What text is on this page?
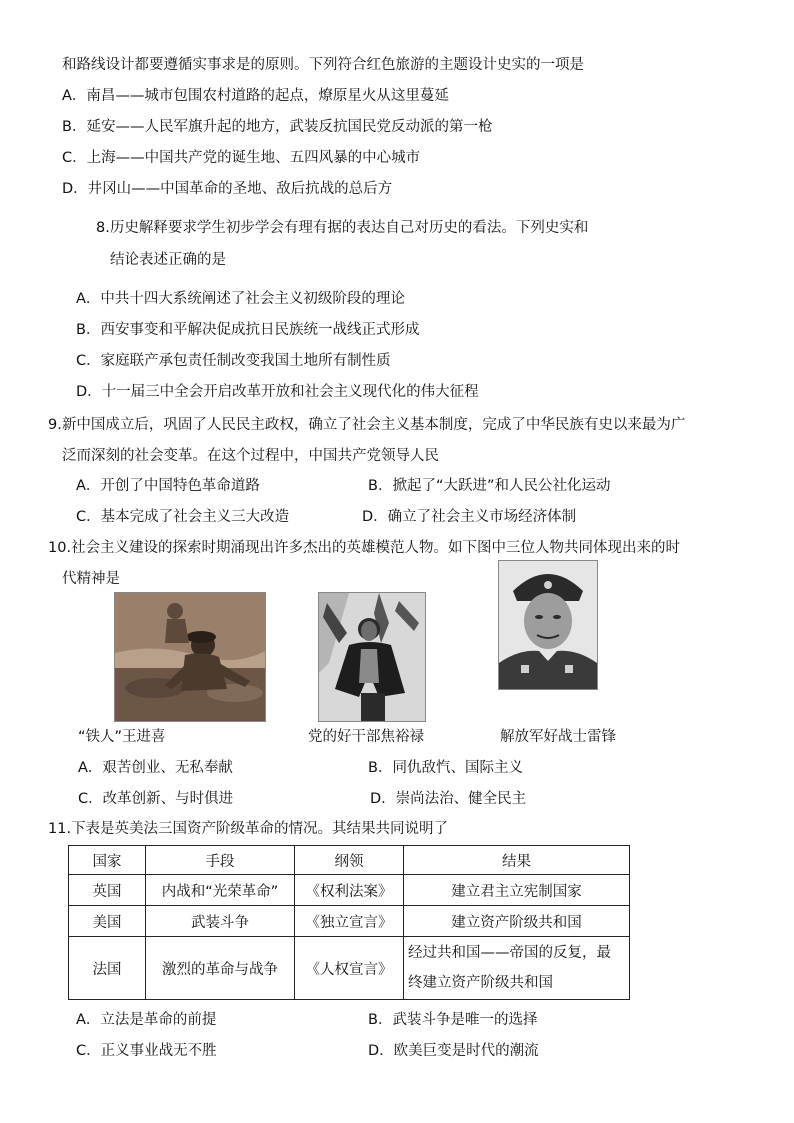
和路线设计都要遵循实事求是的原则。下列符合红色旅游的主题设计史实的一项是
A．南昌——城市包围农村道路的起点，燎原星火从这里蔓延
B．延安——人民军旗升起的地方，武装反抗国民党反动派的第一枪
C．上海——中国共产党的诞生地、五四风暴的中心城市
D．井冈山——中国革命的圣地、敌后抗战的总后方
8.历史解释要求学生初步学会有理有据的表达自己对历史的看法。下列史实和
结论表述正确的是
A．中共十四大系统阐述了社会主义初级阶段的理论
B．西安事变和平解决促成抗日民族统一战线正式形成
C．家庭联产承包责任制改变我国土地所有制性质
D．十一届三中全会开启改革开放和社会主义现代化的伟大征程
9.新中国成立后，巩固了人民民主政权，确立了社会主义基本制度，完成了中华民族有史以来最为广
泛而深刻的社会变革。在这个过程中，中国共产党领导人民
A．开创了中国特色革命道路	B．掀起了“大跃进”和人民公社化运动
C．基本完成了社会主义三大改造	D．确立了社会主义市场经济体制
10.社会主义建设的探索时期涌现出许多杰出的英雄模范人物。如下图中三位人物共同体现出来的时
代精神是
“铁人”王进喜	党的好干部焦裕禄	解放军好战士雷锋
A．艰苦创业、无私奉献	B．同仇敌忾、国际主义
C．改革创新、与时俱进	D．崇尚法治、健全民主
11.下表是英美法三国资产阶级革命的情况。其结果共同说明了
国家	手段	纲领	结果
英国	内战和“光荣革命”	《权利法案》	建立君主立宪制国家
美国	武装斗争	《独立宣言》	建立资产阶级共和国
法国	激烈的革命与战争	《人权宣言》	经过共和国——帝国的反复，最
终建立资产阶级共和国
A．立法是革命的前提	B．武装斗争是唯一的选择
C．正义事业战无不胜	D．欧美巨变是时代的潮流
